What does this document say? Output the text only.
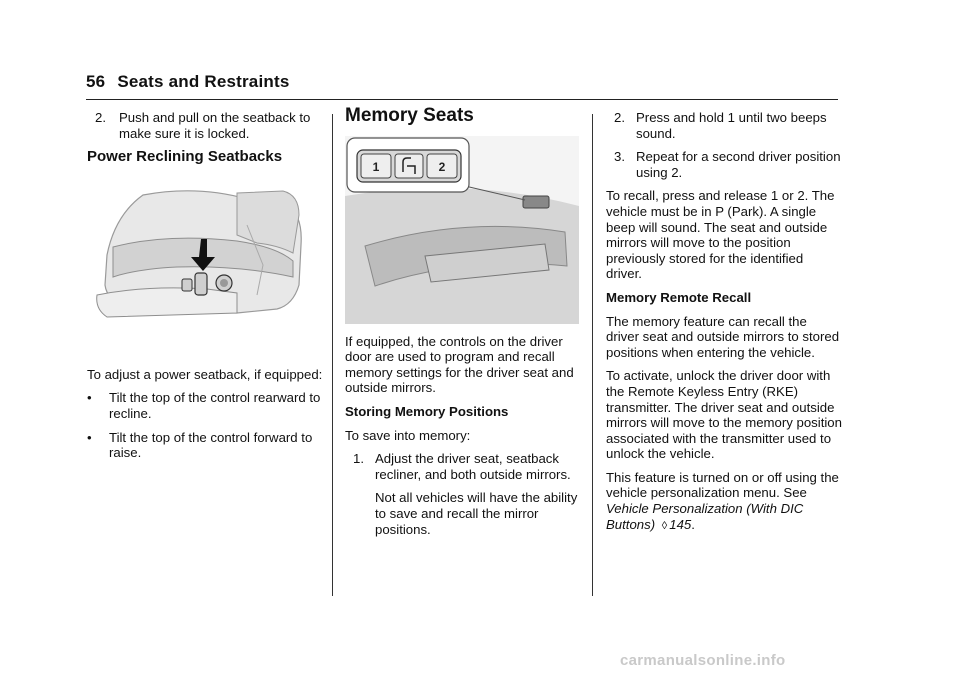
56 Seats and Restraints
2. Push and pull on the seatback to make sure it is locked.
Power Reclining Seatbacks

To adjust a power seatback, if equipped:

•	Tilt the top of the control rearward to recline.
•	Tilt the top of the control forward to raise.
Memory Seats
1	2

If equipped, the controls on the driver door are used to program and recall memory settings for the driver seat and outside mirrors.

Storing Memory Positions

To save into memory:

1. Adjust the driver seat, seatback recliner, and both outside mirrors.

Not all vehicles will have the ability to save and recall the mirror positions.

2. Press and hold 1 until two beeps sound.
3. Repeat for a second driver position using 2.

To recall, press and release 1 or 2. The vehicle must be in P (Park). A single beep will sound. The seat and outside mirrors will move to the position previously stored for the identified driver.

Memory Remote Recall

The memory feature can recall the driver seat and outside mirrors to stored positions when entering the vehicle.

To activate, unlock the driver door with the Remote Keyless Entry (RKE) transmitter. The driver seat and outside mirrors will move to the memory position associated with the transmitter used to unlock the vehicle.

This feature is turned on or off using the vehicle personalization menu. See Vehicle Personalization (With DIC Buttons) ◊ 145.

carmanualsonline.info
